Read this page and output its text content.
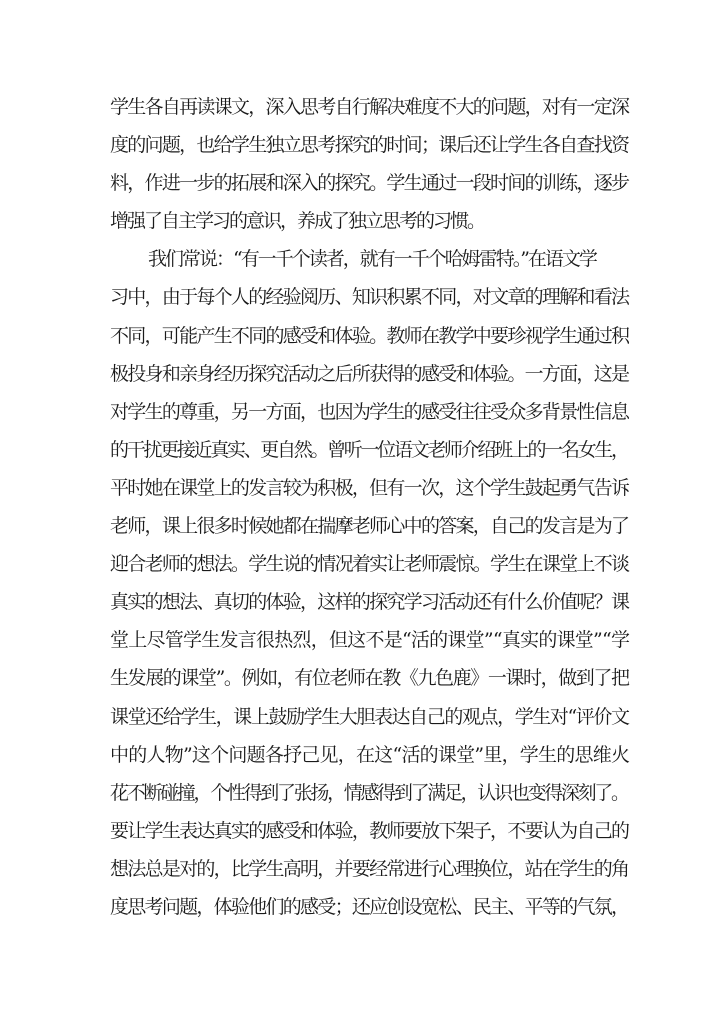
学生各自再读课文，深入思考自行解决难度不大的问题，对有一定深
度的问题，也给学生独立思考探究的时间；课后还让学生各自查找资
料，作进一步的拓展和深入的探究。学生通过一段时间的训练，逐步
增强了自主学习的意识，养成了独立思考的习惯。
我们常说：“有一千个读者，就有一千个哈姆雷特。”在语文学
习中，由于每个人的经验阅历、知识积累不同，对文章的理解和看法
不同，可能产生不同的感受和体验。教师在教学中要珍视学生通过积
极投身和亲身经历探究活动之后所获得的感受和体验。一方面，这是
对学生的尊重，另一方面，也因为学生的感受往往受众多背景性信息
的干扰更接近真实、更自然。曾听一位语文老师介绍班上的一名女生，
平时她在课堂上的发言较为积极，但有一次，这个学生鼓起勇气告诉
老师，课上很多时候她都在揣摩老师心中的答案，自己的发言是为了
迎合老师的想法。学生说的情况着实让老师震惊。学生在课堂上不谈
真实的想法、真切的体验，这样的探究学习活动还有什么价值呢？课
堂上尽管学生发言很热烈，但这不是“活的课堂”“真实的课堂”“学
生发展的课堂”。例如，有位老师在教《九色鹿》一课时，做到了把
课堂还给学生，课上鼓励学生大胆表达自己的观点，学生对“评价文
中的人物”这个问题各抒己见，在这“活的课堂”里，学生的思维火
花不断碰撞，个性得到了张扬，情感得到了满足，认识也变得深刻了。
要让学生表达真实的感受和体验，教师要放下架子，不要认为自己的
想法总是对的，比学生高明，并要经常进行心理换位，站在学生的角
度思考问题，体验他们的感受；还应创设宽松、民主、平等的气氛，
